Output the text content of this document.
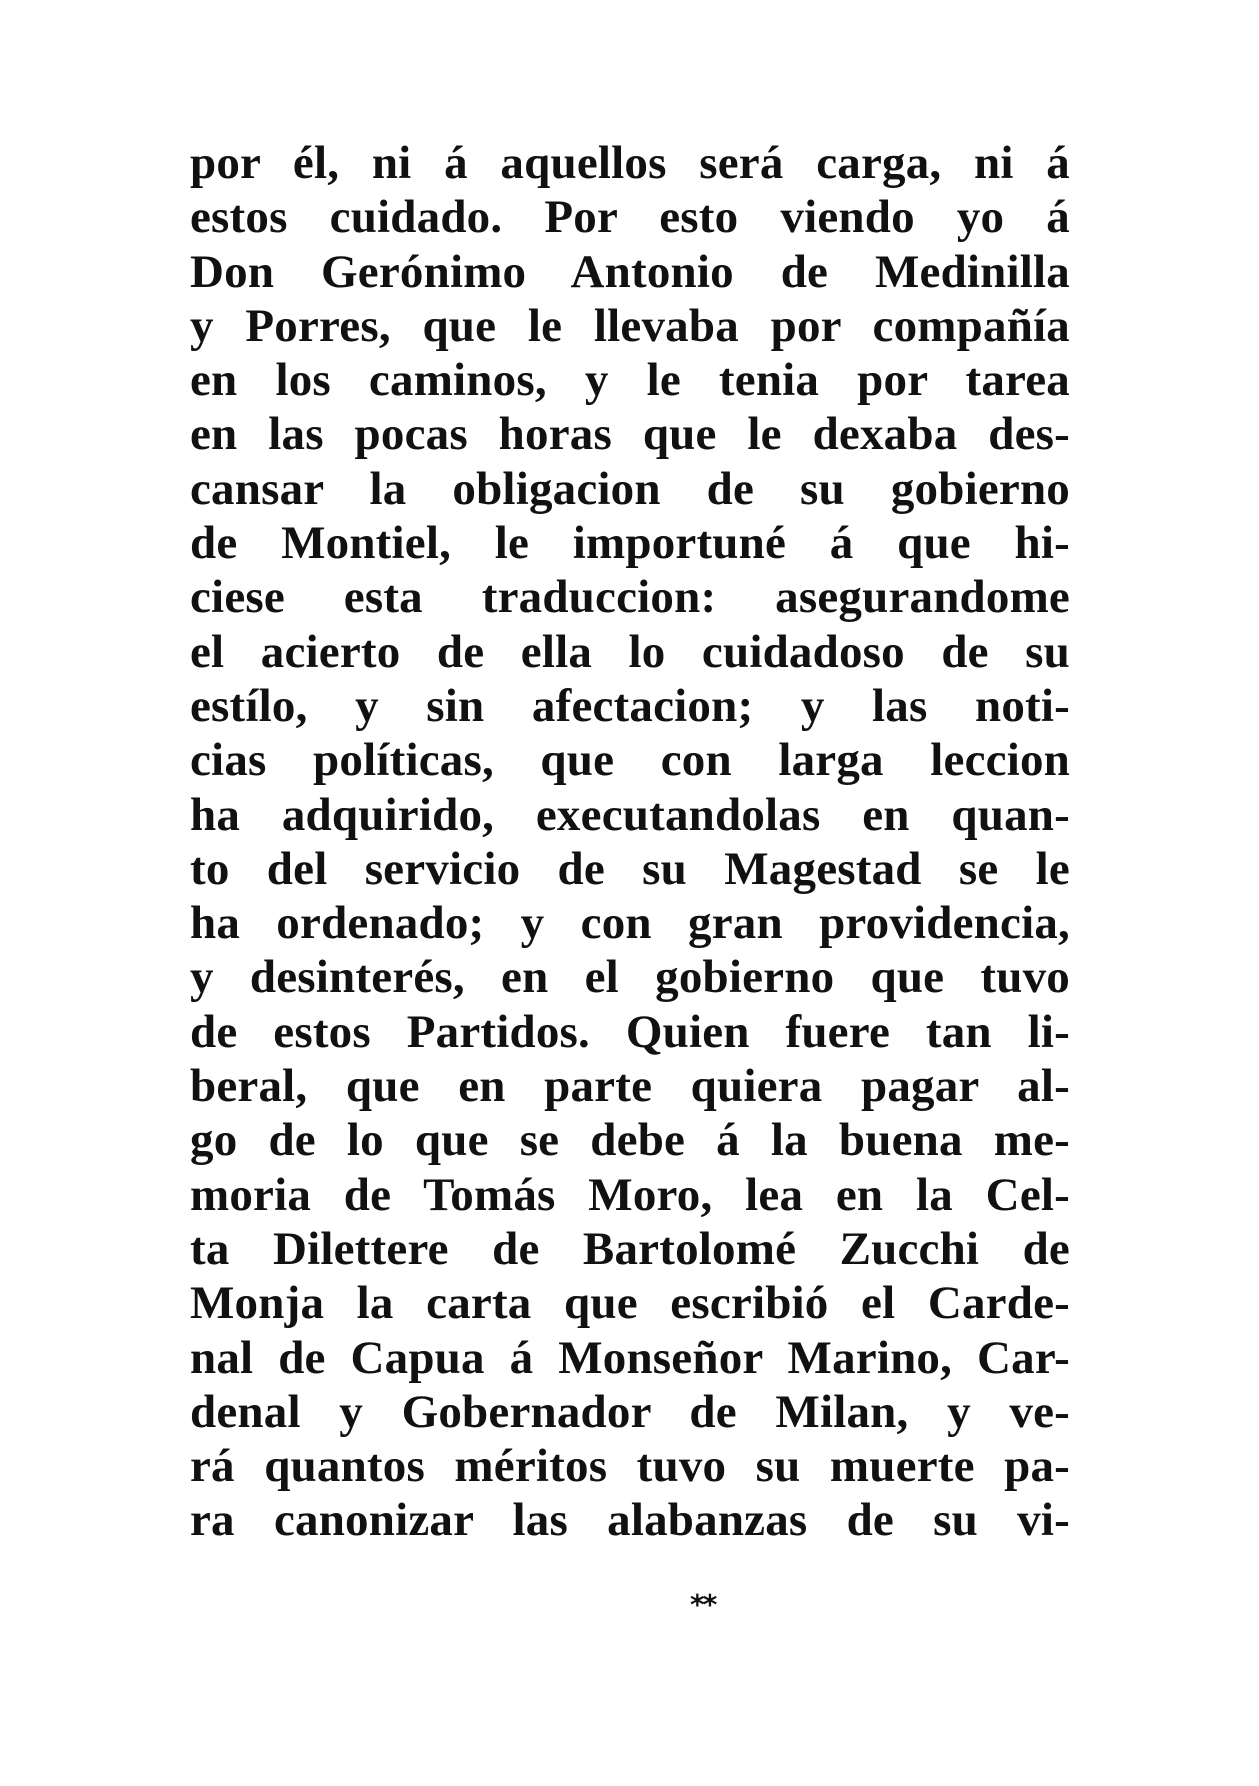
por él, ni á aquellos será carga, ni á
estos cuidado. Por esto viendo yo á
Don Gerónimo Antonio de Medinilla
y Porres, que le llevaba por compañía
en los caminos, y le tenia por tarea
en las pocas horas que le dexaba des-
cansar la obligacion de su gobierno
de Montiel, le importuné á que hi-
ciese esta traduccion: asegurandome
el acierto de ella lo cuidadoso de su
estílo, y sin afectacion; y las noti-
cias políticas, que con larga leccion
ha adquirido, executandolas en quan-
to del servicio de su Magestad se le
ha ordenado; y con gran providencia,
y desinterés, en el gobierno que tuvo
de estos Partidos. Quien fuere tan li-
beral, que en parte quiera pagar al-
go de lo que se debe á la buena me-
moria de Tomás Moro, lea en la Cel-
ta Dilettere de Bartolomé Zucchi de
Monja la carta que escribió el Carde-
nal de Capua á Monseñor Marino, Car-
denal y Gobernador de Milan, y ve-
rá quantos méritos tuvo su muerte pa-
ra canonizar las alabanzas de su vi-
**
